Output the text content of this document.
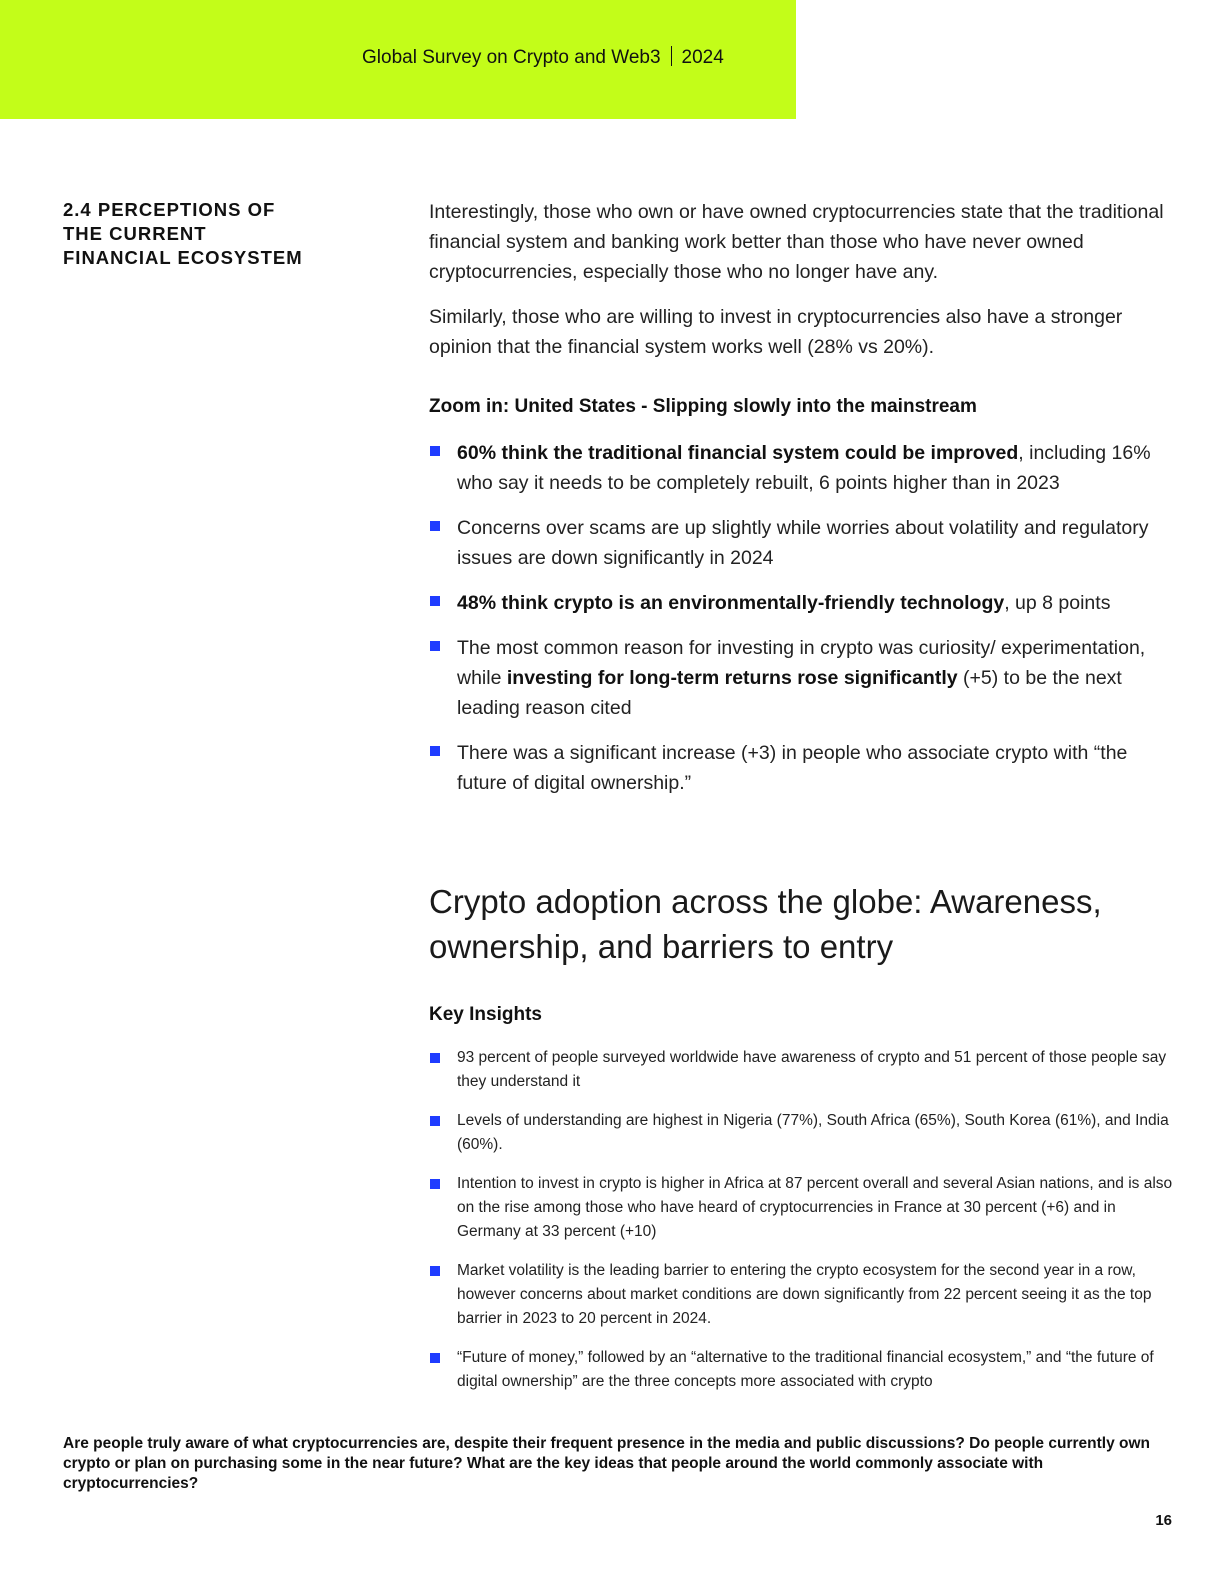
Global Survey on Crypto and Web3 2024
2.4 PERCEPTIONS OF
THE CURRENT
FINANCIAL ECOSYSTEM

Interestingly, those who own or have owned cryptocurrencies state that the traditional financial system and banking work better than those who have never owned cryptocurrencies, especially those who no longer have any.

Similarly, those who are willing to invest in cryptocurrencies also have a stronger opinion that the financial system works well (28% vs 20%).

Zoom in: United States - Slipping slowly into the mainstream
60% think the traditional financial system could be improved, including 16% who say it needs to be completely rebuilt, 6 points higher than in 2023
Concerns over scams are up slightly while worries about volatility and regulatory issues are down significantly in 2024
48% think crypto is an environmentally-friendly technology, up 8 points
The most common reason for investing in crypto was curiosity/ experimentation, while investing for long-term returns rose significantly (+5) to be the next leading reason cited
There was a significant increase (+3) in people who associate crypto with “the future of digital ownership.”
Crypto adoption across the globe: Awareness,
ownership, and barriers to entry
Key Insights
93 percent of people surveyed worldwide have awareness of crypto and 51 percent of those people say they understand it
Levels of understanding are highest in Nigeria (77%), South Africa (65%), South Korea (61%), and India (60%).
Intention to invest in crypto is higher in Africa at 87 percent overall and several Asian nations, and is also on the rise among those who have heard of cryptocurrencies in France at 30 percent (+6) and in Germany at 33 percent (+10)
Market volatility is the leading barrier to entering the crypto ecosystem for the second year in a row, however concerns about market conditions are down significantly from 22 percent seeing it as the top barrier in 2023 to 20 percent in 2024.
“Future of money,” followed by an “alternative to the traditional financial ecosystem,” and “the future of digital ownership” are the three concepts more associated with crypto

Are people truly aware of what cryptocurrencies are, despite their frequent presence in the media and public discussions? Do people currently own crypto or plan on purchasing some in the near future? What are the key ideas that people around the world commonly associate with cryptocurrencies?

16
